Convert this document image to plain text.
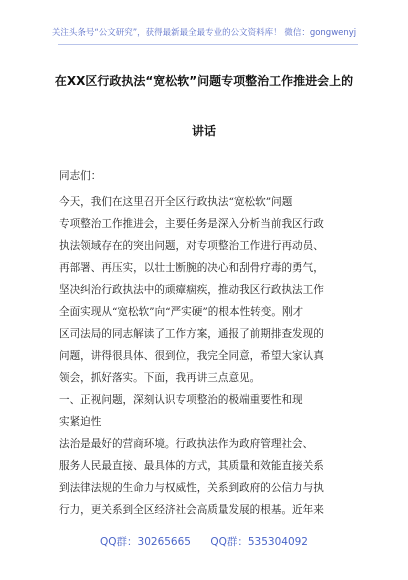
关注头条号“公文研究”，获得最新最全最专业的公文资料库！ 微信：gongwenyj
在XX区行政执法“宽松软”问题专项整治工作推进会上的
讲话
同志们：
今天，我们在这里召开全区行政执法“宽松软”问题
专项整治工作推进会，主要任务是深入分析当前我区行政
执法领域存在的突出问题，对专项整治工作进行再动员、
再部署、再压实，以壮士断腕的决心和刮骨疗毒的勇气，
坚决纠治行政执法中的顽瘴痼疾，推动我区行政执法工作
全面实现从“宽松软”向“严实硬”的根本性转变。刚才
区司法局的同志解读了工作方案，通报了前期排查发现的
问题，讲得很具体、很到位，我完全同意，希望大家认真
领会，抓好落实。下面，我再讲三点意见。
一、正视问题，深刻认识专项整治的极端重要性和现
实紧迫性
法治是最好的营商环境。行政执法作为政府管理社会、
服务人民最直接、最具体的方式，其质量和效能直接关系
到法律法规的生命力与权威性，关系到政府的公信力与执
行力，更关系到全区经济社会高质量发展的根基。近年来
QQ群：30265665 QQ群：535304092
